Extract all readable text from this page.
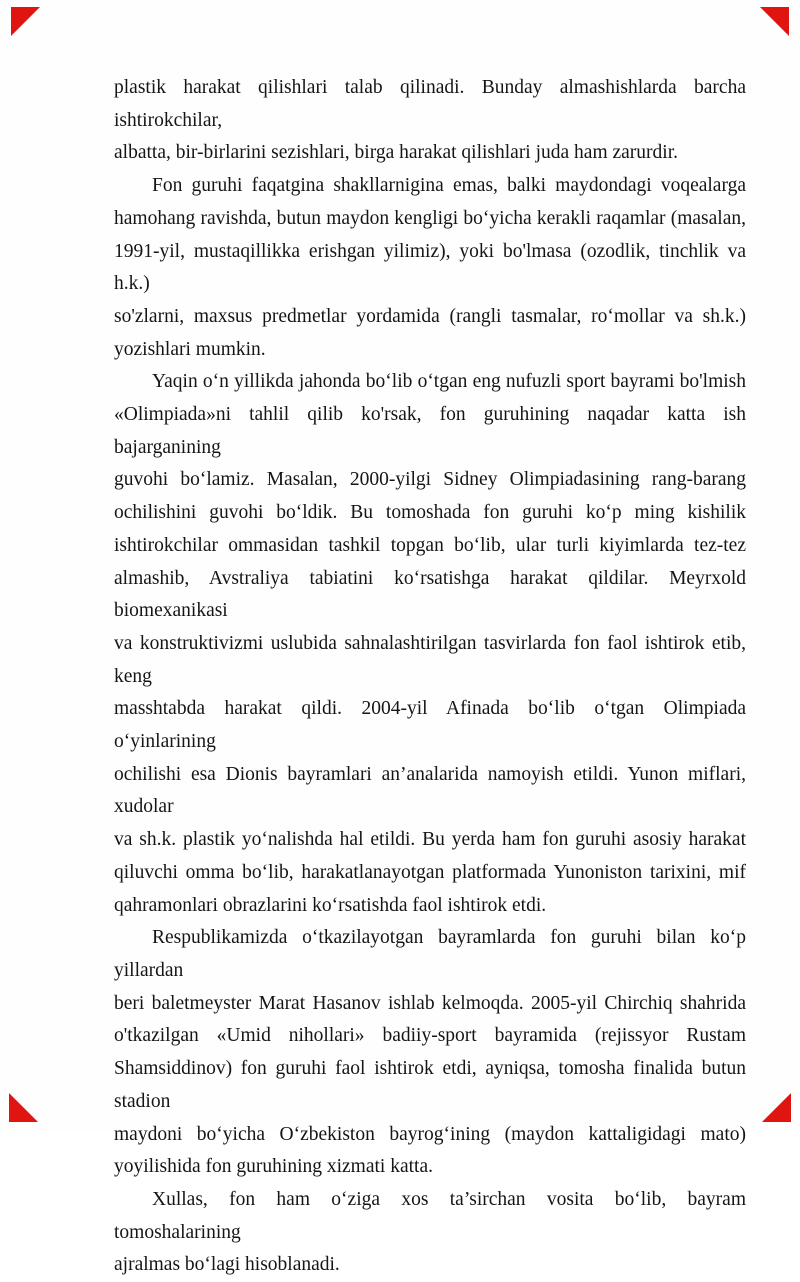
plastik harakat qilishlari talab qilinadi. Bunday almashishlarda barcha ishtirokchilar,
albatta, bir-birlarini sezishlari, birga harakat qilishlari juda ham zarurdir.
Fon guruhi faqatgina shakllarnigina emas, balki maydondagi voqealarga
hamohang ravishda, butun maydon kengligi bo‘yicha kerakli raqamlar (masalan,
1991-yil, mustaqillikka erishgan yilimiz), yoki bo'lmasa (ozodlik, tinchlik va h.k.)
so'zlarni, maxsus predmetlar yordamida (rangli tasmalar, ro‘mollar va sh.k.)
yozishlari mumkin.
Yaqin o‘n yillikda jahonda bo‘lib o‘tgan eng nufuzli sport bayrami bo'lmish
«Olimpiada»ni tahlil qilib ko'rsak, fon guruhining naqadar katta ish bajarganining
guvohi bo‘lamiz. Masalan, 2000-yilgi Sidney Olimpiadasining rang-barang
ochilishini guvohi bo‘ldik. Bu tomoshada fon guruhi ko‘p ming kishilik
ishtirokchilar ommasidan tashkil topgan bo‘lib, ular turli kiyimlarda tez-tez
almashib, Avstraliya tabiatini ko‘rsatishga harakat qildilar. Meyrxold biomexanikasi
va konstruktivizmi uslubida sahnalashtirilgan tasvirlarda fon faol ishtirok etib, keng
masshtabda harakat qildi. 2004-yil Afinada bo‘lib o‘tgan Olimpiada o‘yinlarining
ochilishi esa Dionis bayramlari an’analarida namoyish etildi. Yunon miflari, xudolar
va sh.k. plastik yo‘nalishda hal etildi. Bu yerda ham fon guruhi asosiy harakat
qiluvchi omma bo‘lib, harakatlanayotgan platformada Yunoniston tarixini, mif
qahramonlari obrazlarini ko‘rsatishda faol ishtirok etdi.
Respublikamizda o‘tkazilayotgan bayramlarda fon guruhi bilan ko‘p yillardan
beri baletmeyster Marat Hasanov ishlab kelmoqda. 2005-yil Chirchiq shahrida
o'tkazilgan «Umid nihollari» badiiy-sport bayramida (rejissyor Rustam
Shamsiddinov) fon guruhi faol ishtirok etdi, ayniqsa, tomosha finalida butun stadion
maydoni bo‘yicha O‘zbekiston bayrog‘ining (maydon kattaligidagi mato)
yoyilishida fon guruhining xizmati katta.
Xullas, fon ham o‘ziga xos ta’sirchan vosita bo‘lib, bayram tomoshalarining
ajralmas bo‘lagi hisoblanadi.
